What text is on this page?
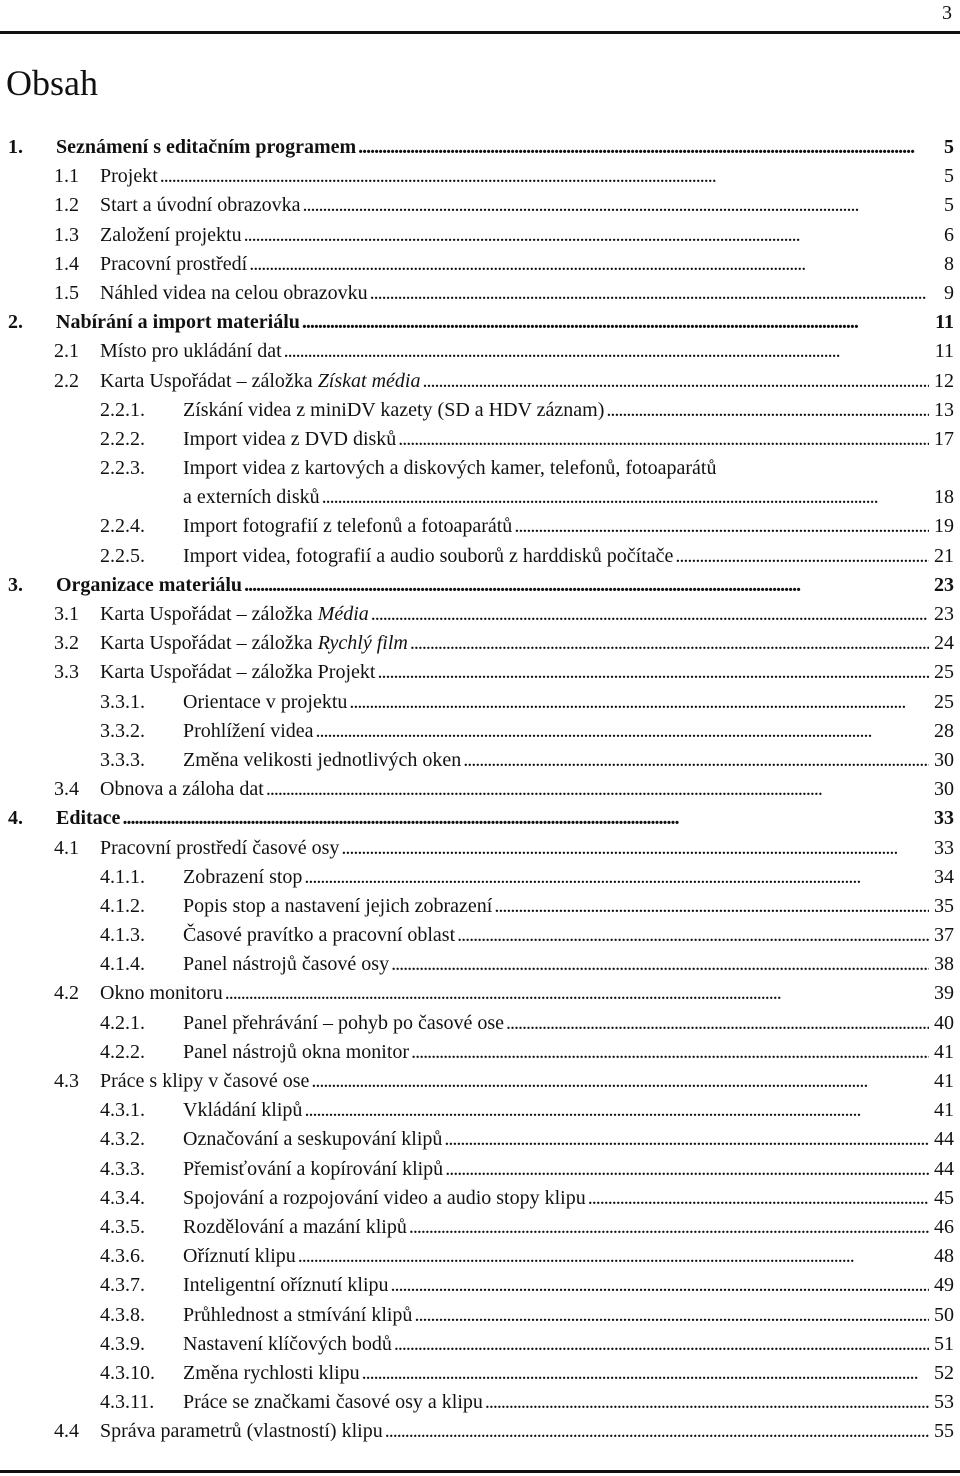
3
Obsah
1. Seznámení s editačním programem . . .	5
1.1 Projekt . . .	5
1.2 Start a úvodní obrazovka . . .	5
1.3 Založení projektu . . .	6
1.4 Pracovní prostředí . . .	8
1.5 Náhled videa na celou obrazovku . . .	9
2. Nabírání a import materiálu . . .	11
2.1 Místo pro ukládání dat . . .	11
2.2 Karta Uspořádat – záložka Získat média . . .	12
2.2.1. Získání videa z miniDV kazety (SD a HDV záznam) . . .	13
2.2.2. Import videa z DVD disků . . .	17
2.2.3. Import videa z kartových a diskových kamer, telefonů, fotoaparátů
a externích disků . . .	18
2.2.4. Import fotografií z telefonů a fotoaparátů . . .	19
2.2.5. Import videa, fotografií a audio souborů z harddisků počítače . . .	21
3. Organizace materiálu . . .	23
3.1 Karta Uspořádat – záložka Média . . .	23
3.2 Karta Uspořádat – záložka Rychlý film . . .	24
3.3 Karta Uspořádat – záložka Projekt . . .	25
3.3.1. Orientace v projektu . . .	25
3.3.2. Prohlížení videa . . .	28
3.3.3. Změna velikosti jednotlivých oken . . .	30
3.4 Obnova a záloha dat . . .	30
4. Editace . . .	33
4.1 Pracovní prostředí časové osy . . .	33
4.1.1. Zobrazení stop . . .	34
4.1.2. Popis stop a nastavení jejich zobrazení . . .	35
4.1.3. Časové pravítko a pracovní oblast . . .	37
4.1.4. Panel nástrojů časové osy . . .	38
4.2 Okno monitoru . . .	39
4.2.1. Panel přehrávání – pohyb po časové ose . . .	40
4.2.2. Panel nástrojů okna monitor . . .	41
4.3 Práce s klipy v časové ose . . .	41
4.3.1. Vkládání klipů . . .	41
4.3.2. Označování a seskupování klipů . . .	44
4.3.3. Přemisťování a kopírování klipů . . .	44
4.3.4. Spojování a rozpojování video a audio stopy klipu . . .	45
4.3.5. Rozdělování a mazání klipů . . .	46
4.3.6. Oříznutí klipu . . .	48
4.3.7. Inteligentní oříznutí klipu . . .	49
4.3.8. Průhlednost a stmívání klipů . . .	50
4.3.9. Nastavení klíčových bodů . . .	51
4.3.10. Změna rychlosti klipu . . .	52
4.3.11. Práce se značkami časové osy a klipu . . .	53
4.4 Správa parametrů (vlastností) klipu . . .	55
